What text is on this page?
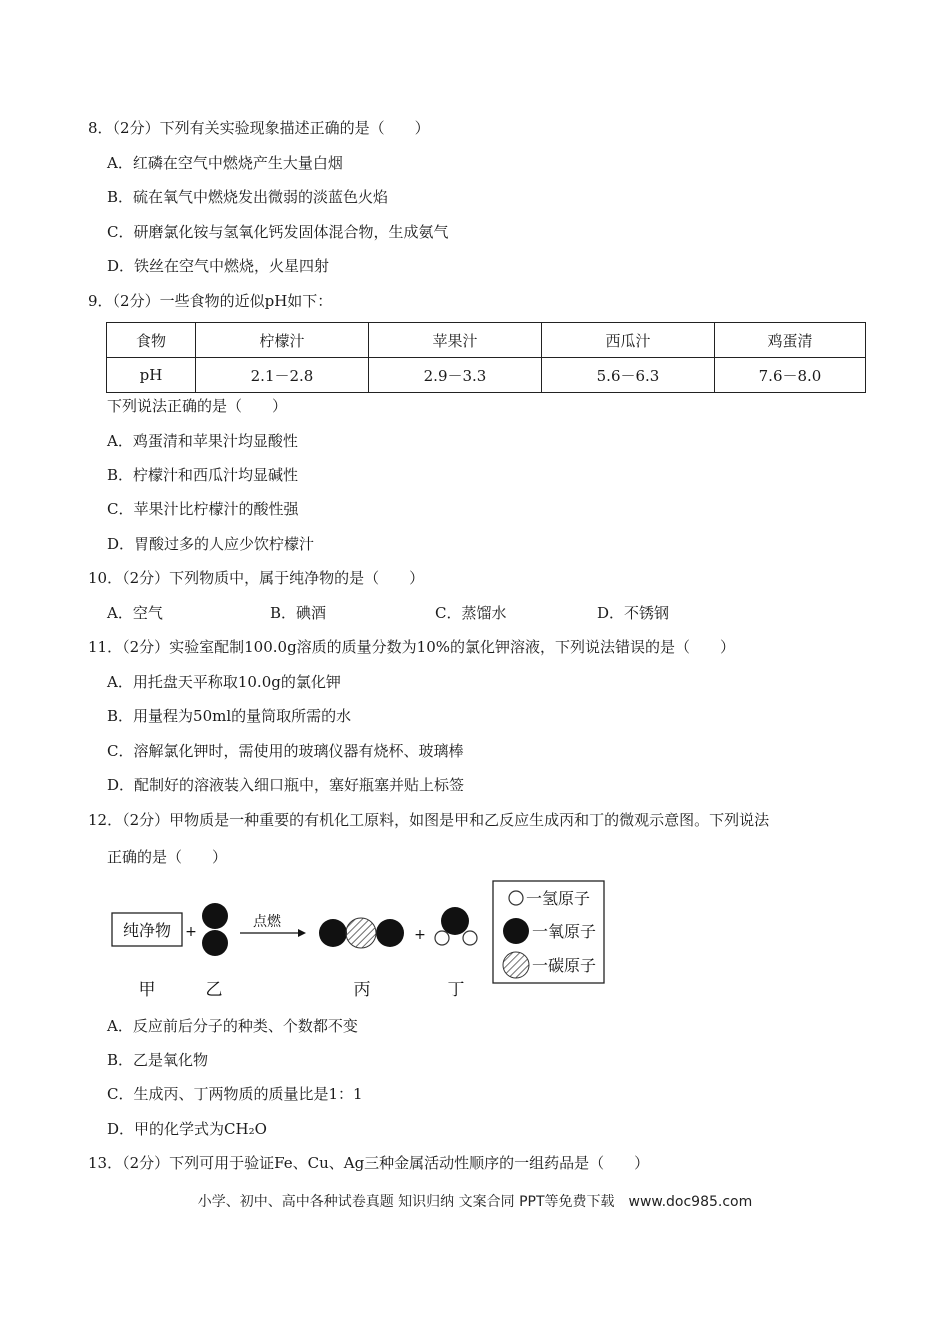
8．（2分）下列有关实验现象描述正确的是（　　）
A．红磷在空气中燃烧产生大量白烟
B．硫在氧气中燃烧发出微弱的淡蓝色火焰
C．研磨氯化铵与氢氧化钙发固体混合物，生成氨气
D．铁丝在空气中燃烧，火星四射
9．（2分）一些食物的近似pH如下：
食物	柠檬汁	苹果汁	西瓜汁	鸡蛋清
pH	2.1－2.8	2.9－3.3	5.6－6.3	7.6－8.0
下列说法正确的是（　　）
A．鸡蛋清和苹果汁均显酸性
B．柠檬汁和西瓜汁均显碱性
C．苹果汁比柠檬汁的酸性强
D．胃酸过多的人应少饮柠檬汁
10．（2分）下列物质中，属于纯净物的是（　　）
A．空气	B．碘酒	C．蒸馏水	D．不锈钢
11．（2分）实验室配制100.0g溶质的质量分数为10%的氯化钾溶液，下列说法错误的是（　　）
A．用托盘天平称取10.0g的氯化钾
B．用量程为50ml的量筒取所需的水
C．溶解氯化钾时，需使用的玻璃仪器有烧杯、玻璃棒
D．配制好的溶液装入细口瓶中，塞好瓶塞并贴上标签
12．（2分）甲物质是一种重要的有机化工原料，如图是甲和乙反应生成丙和丁的微观示意图。下列说法
正确的是（　　）
纯净物 +
点燃
+
一氢原子
一氧原子
一碳原子
甲	乙	丙	丁
A．反应前后分子的种类、个数都不变
B．乙是氧化物
C．生成丙、丁两物质的质量比是1：1
D．甲的化学式为CH₂O
13．（2分）下列可用于验证Fe、Cu、Ag三种金属活动性顺序的一组药品是（　　）
小学、初中、高中各种试卷真题 知识归纳 文案合同 PPT等免费下载　www.doc985.com
